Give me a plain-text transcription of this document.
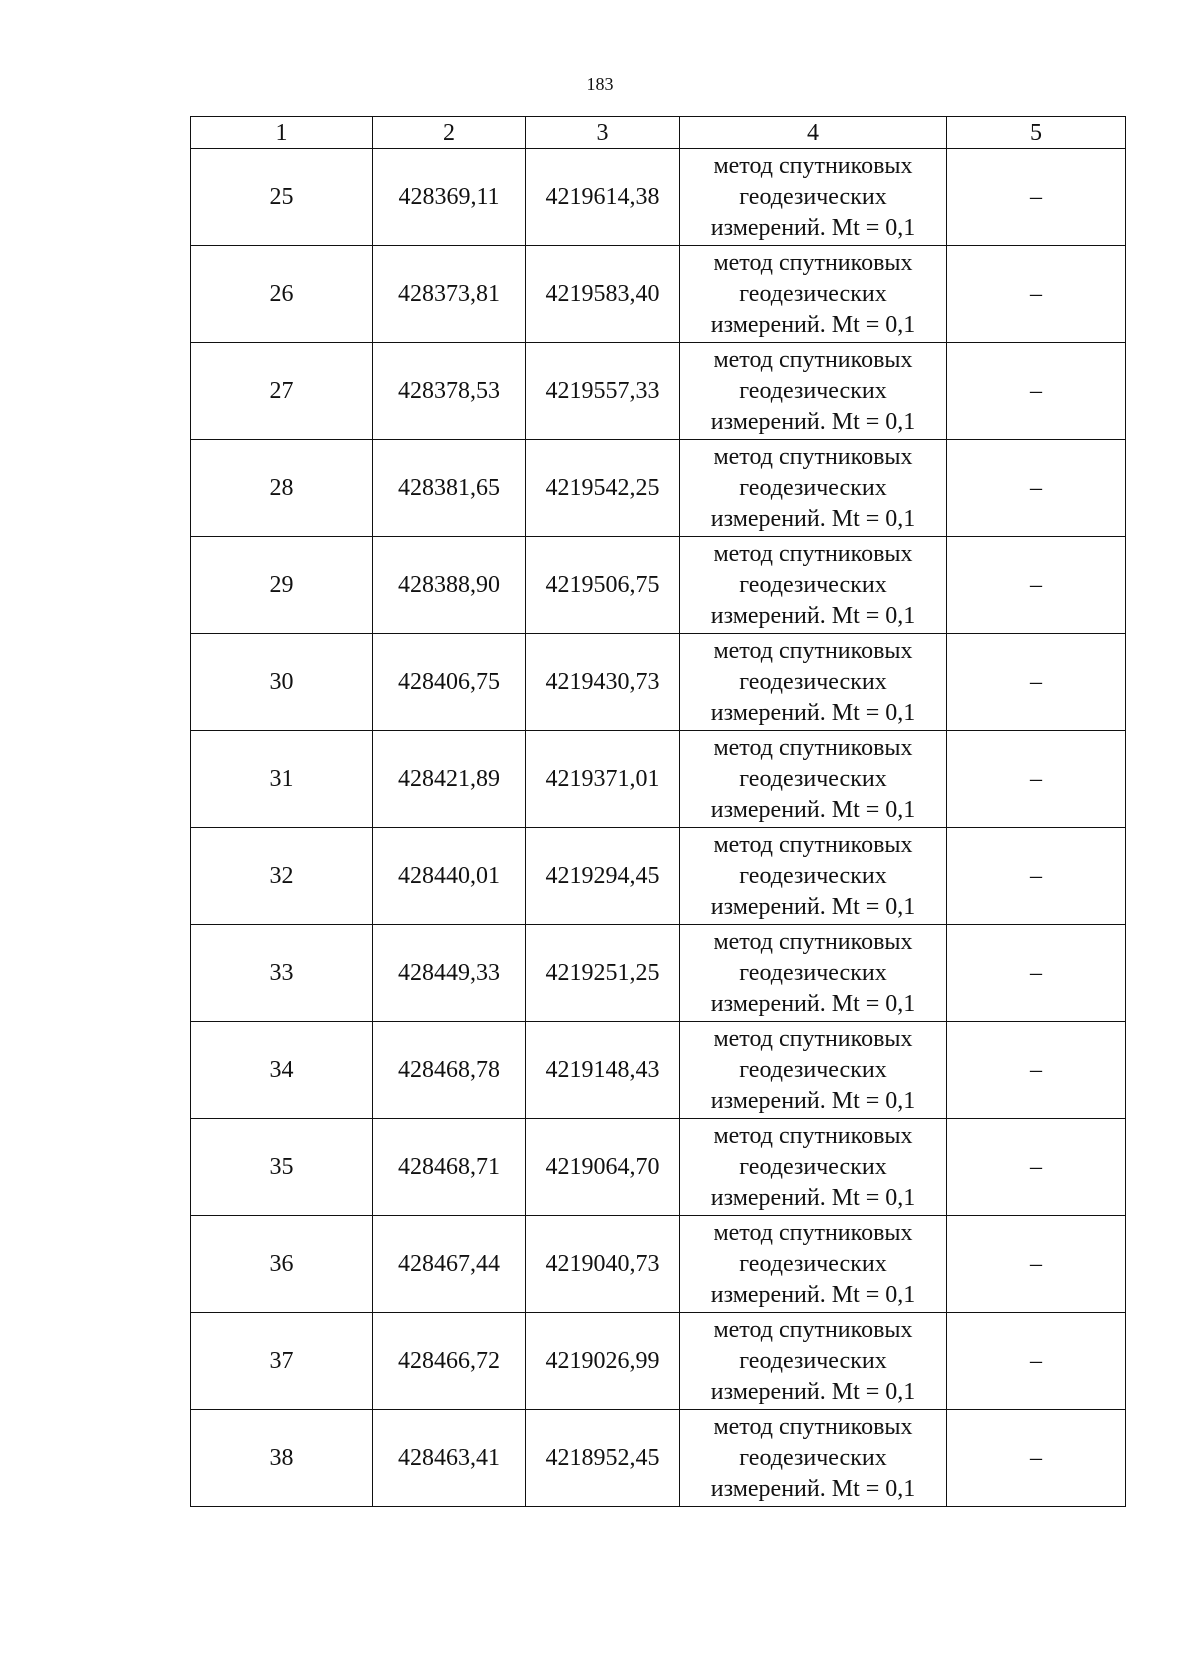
183
1	2	3	4	5
25	428369,11	4219614,38	метод спутниковых
геодезических
измерений. Mt = 0,1	–
26	428373,81	4219583,40	метод спутниковых
геодезических
измерений. Mt = 0,1	–
27	428378,53	4219557,33	метод спутниковых
геодезических
измерений. Mt = 0,1	–
28	428381,65	4219542,25	метод спутниковых
геодезических
измерений. Mt = 0,1	–
29	428388,90	4219506,75	метод спутниковых
геодезических
измерений. Mt = 0,1	–
30	428406,75	4219430,73	метод спутниковых
геодезических
измерений. Mt = 0,1	–
31	428421,89	4219371,01	метод спутниковых
геодезических
измерений. Mt = 0,1	–
32	428440,01	4219294,45	метод спутниковых
геодезических
измерений. Mt = 0,1	–
33	428449,33	4219251,25	метод спутниковых
геодезических
измерений. Mt = 0,1	–
34	428468,78	4219148,43	метод спутниковых
геодезических
измерений. Mt = 0,1	–
35	428468,71	4219064,70	метод спутниковых
геодезических
измерений. Mt = 0,1	–
36	428467,44	4219040,73	метод спутниковых
геодезических
измерений. Mt = 0,1	–
37	428466,72	4219026,99	метод спутниковых
геодезических
измерений. Mt = 0,1	–
38	428463,41	4218952,45	метод спутниковых
геодезических
измерений. Mt = 0,1	–
